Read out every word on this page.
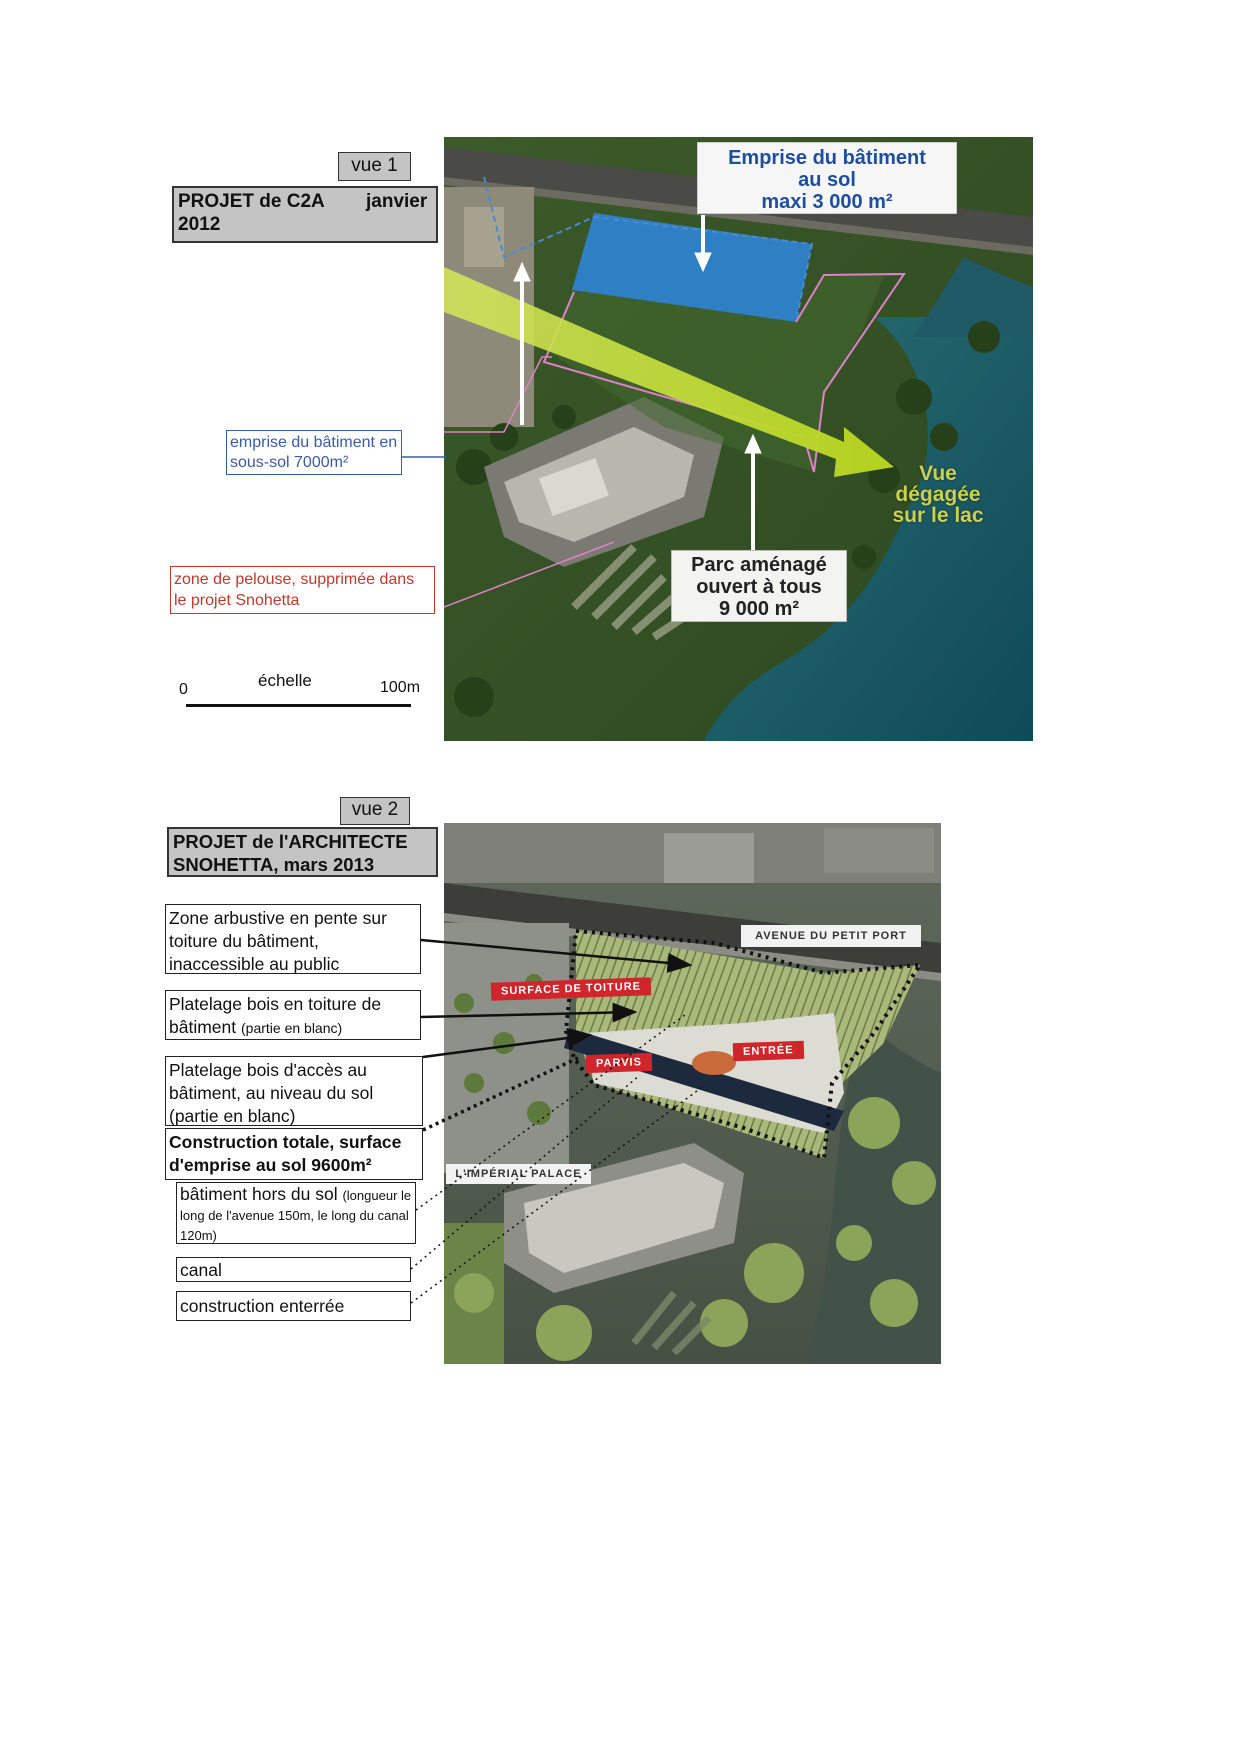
vue 1
PROJET de C2A janvier

2012
Emprise du bâtiment
au sol
maxi 3 000 m²
Vue
dégagée
sur le lac
Parc aménagé
ouvert à tous
9 000 m²
emprise du bâtiment en sous-sol 7000m²
zone de pelouse, supprimée dans le projet Snohetta
0	échelle	100m
vue 2
PROJET de l'ARCHITECTE SNOHETTA, mars 2013
AVENUE DU PETIT PORT
SURFACE DE TOITURE
PARVIS
ENTRÉE
L'IMPÉRIAL PALACE
Zone arbustive en pente sur toiture du bâtiment, inaccessible au public
Platelage bois en toiture de bâtiment (partie en blanc)
Platelage bois d'accès au bâtiment, au niveau du sol (partie en blanc)
Construction totale, surface d'emprise au sol 9600m²
bâtiment hors du sol (longueur le long de l'avenue 150m, le long du canal 120m)
canal
construction enterrée
